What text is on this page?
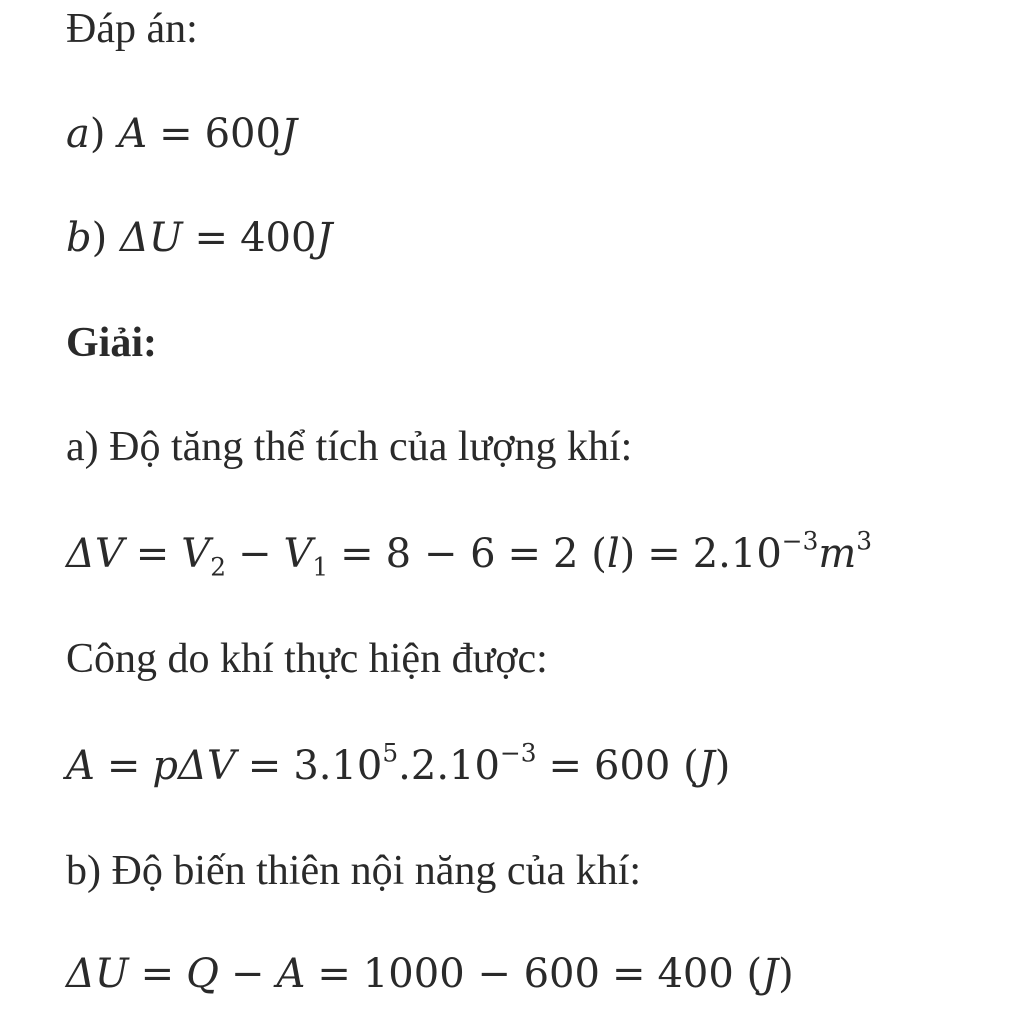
Đáp án:
a) A = 600J
b) ΔU = 400J
Giải:
a) Độ tăng thể tích của lượng khí:
$\Delta V = V_2 - V_1 = 8 - 6 = 2$ $(l) = 2.10^{-3}m^3$
Công do khí thực hiện được:
$A = p\Delta V = 3.10^5.2.10^{-3} = 600$ (J)
b) Độ biến thiên nội năng của khí:
ΔU = Q − A = 1000 − 600 = 400 (J)
